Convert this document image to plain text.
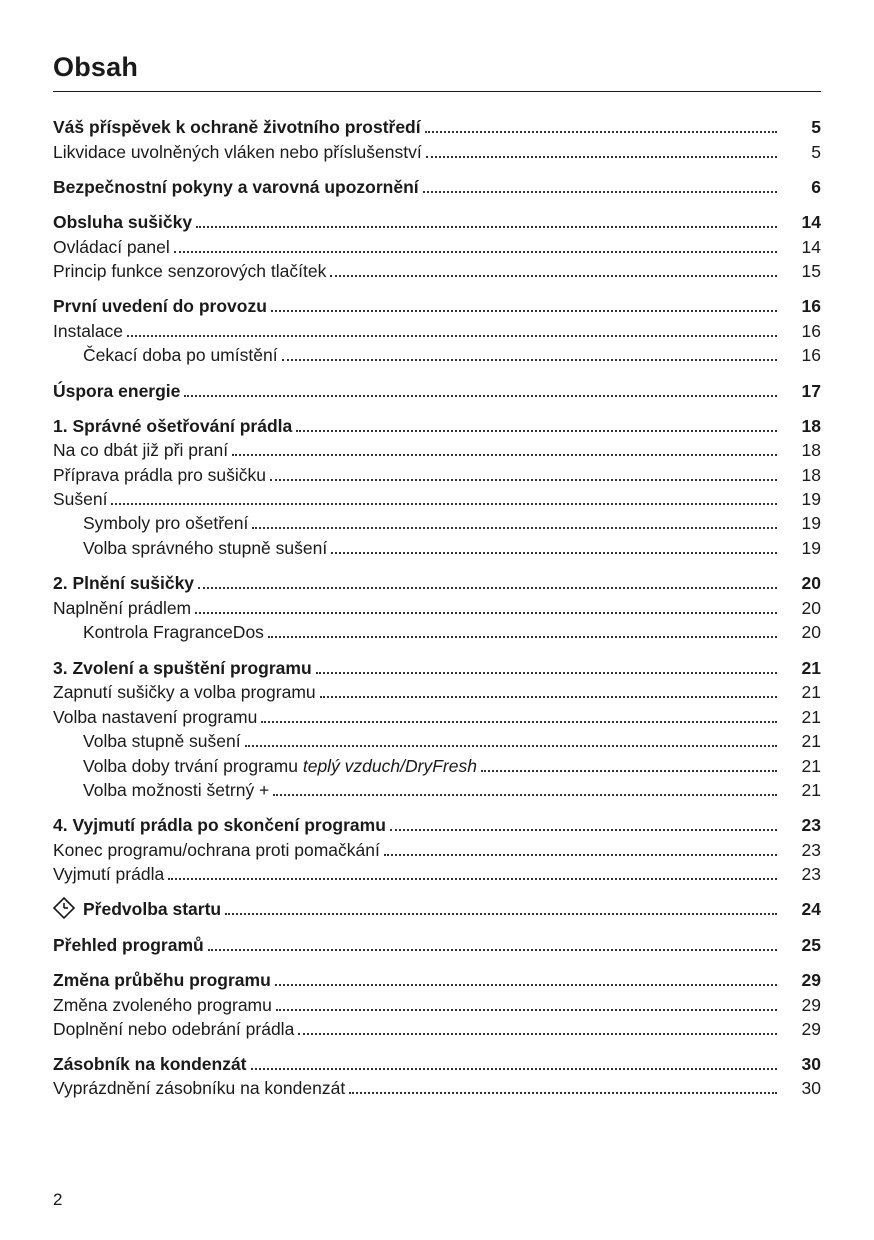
Obsah
Váš příspěvek k ochraně životního prostředí	5
Likvidace uvolněných vláken nebo příslušenství	5
Bezpečnostní pokyny a varovná upozornění	6
Obsluha sušičky	14
Ovládací panel	14
Princip funkce senzorových tlačítek	15
První uvedení do provozu	16
Instalace	16
Čekací doba po umístění	16
Úspora energie	17
1. Správné ošetřování prádla	18
Na co dbát již při praní	18
Příprava prádla pro sušičku	18
Sušení	19
Symboly pro ošetření	19
Volba správného stupně sušení	19
2. Plnění sušičky	20
Naplnění prádlem	20
Kontrola FragranceDos	20
3. Zvolení a spuštění programu	21
Zapnutí sušičky a volba programu	21
Volba nastavení programu	21
Volba stupně sušení	21
Volba doby trvání programu teplý vzduch/DryFresh	21
Volba možnosti šetrný +	21
4. Vyjmutí prádla po skončení programu	23
Konec programu/ochrana proti pomačkání	23
Vyjmutí prádla	23
Předvolba startu	24
Přehled programů	25
Změna průběhu programu	29
Změna zvoleného programu	29
Doplnění nebo odebrání prádla	29
Zásobník na kondenzát	30
Vyprázdnění zásobníku na kondenzát	30
2
